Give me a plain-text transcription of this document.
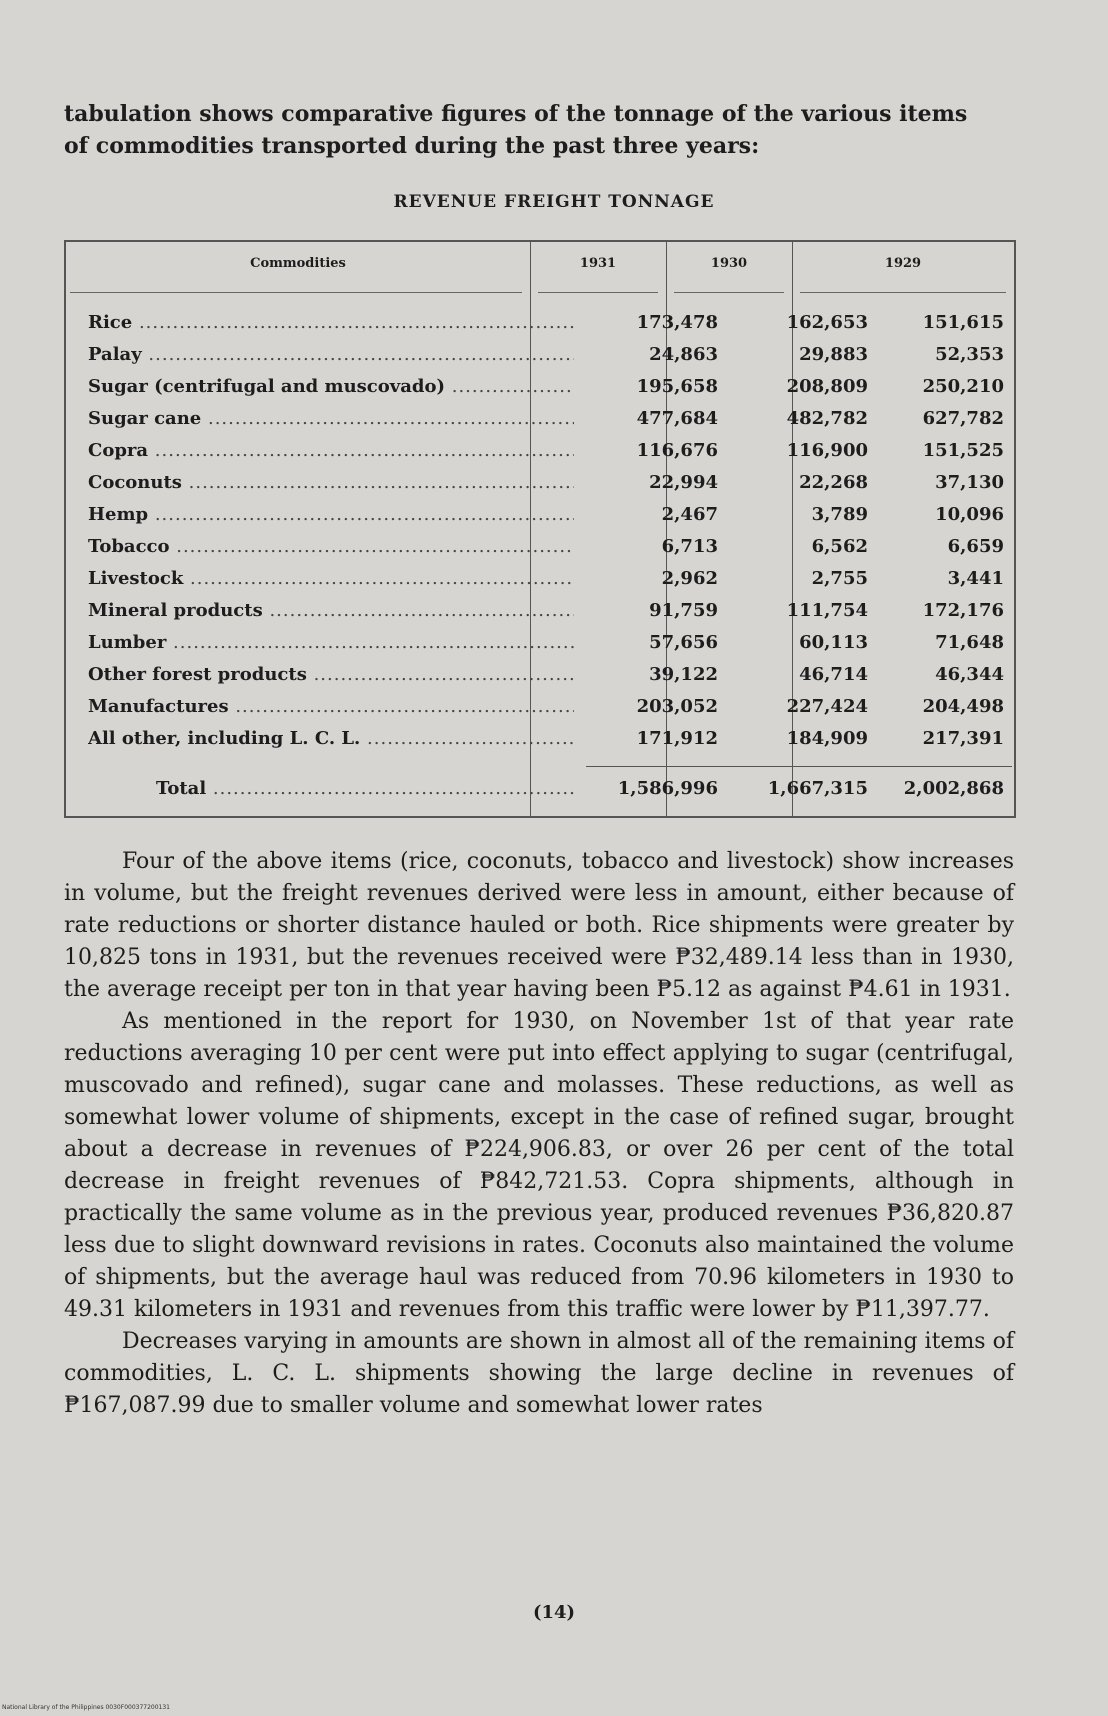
tabulation shows comparative figures of the tonnage of the various items
of commodities transported during the past three years:
REVENUE FREIGHT TONNAGE
Commodities	1931	1930	1929
Rice .....	173,478	162,653	151,615
Palay .....	24,863	29,883	52,353
Sugar (centrifugal and muscovado) .....	195,658	208,809	250,210
Sugar cane .....	477,684	482,782	627,782
Copra .....	116,676	116,900	151,525
Coconuts .....	22,994	22,268	37,130
Hemp .....	2,467	3,789	10,096
Tobacco .....	6,713	6,562	6,659
Livestock .....	2,962	2,755	3,441
Mineral products .....	91,759	111,754	172,176
Lumber .....	57,656	60,113	71,648
Other forest products .....	39,122	46,714	46,344
Manufactures .....	203,052	227,424	204,498
All other, including L. C. L. .....	171,912	184,909	217,391
Total .....	1,586,996	1,667,315	2,002,868

Four of the above items (rice, coconuts, tobacco and livestock) show increases in volume, but the freight revenues derived were less in amount, either because of rate reductions or shorter distance hauled or both. Rice shipments were greater by 10,825 tons in 1931, but the revenues received were ₱32,489.14 less than in 1930, the average receipt per ton in that year having been ₱5.12 as against ₱4.61 in 1931.

As mentioned in the report for 1930, on November 1st of that year rate reductions averaging 10 per cent were put into effect applying to sugar (centrifugal, muscovado and refined), sugar cane and molasses. These reductions, as well as somewhat lower volume of shipments, except in the case of refined sugar, brought about a decrease in revenues of ₱224,906.83, or over 26 per cent of the total decrease in freight revenues of ₱842,721.53. Copra shipments, although in practically the same volume as in the previous year, produced revenues ₱36,820.87 less due to slight downward revisions in rates. Coconuts also maintained the volume of shipments, but the average haul was reduced from 70.96 kilometers in 1930 to 49.31 kilometers in 1931 and revenues from this traffic were lower by ₱11,397.77.

Decreases varying in amounts are shown in almost all of the remaining items of commodities, L. C. L. shipments showing the large decline in revenues of ₱167,087.99 due to smaller volume and somewhat lower rates

(14)
National Library of the Philippines 0030F000377200131
